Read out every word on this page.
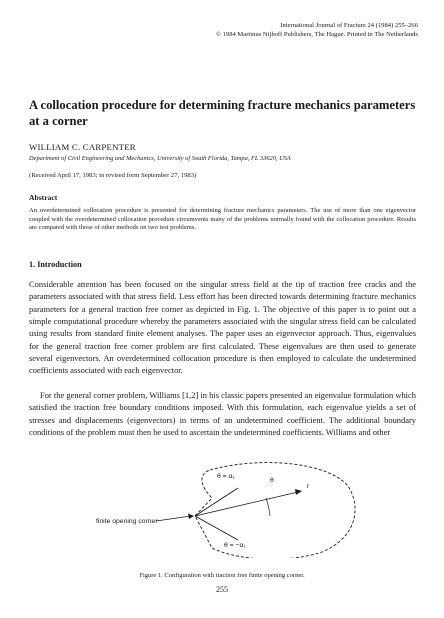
International Journal of Fracture 24 (1984) 255–266
© 1984 Martinus Nijhoff Publishers, The Hague. Printed in The Netherlands
A collocation procedure for determining fracture mechanics parameters at a corner
WILLIAM C. CARPENTER
Department of Civil Engineering and Mechanics, University of South Florida, Tampa, FL 33620, USA
(Received April 17, 1983; in revised form September 27, 1983)
Abstract
An overdetermined collocation procedure is presented for determining fracture mechanics parameters. The use of more than one eigenvector coupled with the overdetermined collocation procedure circumvents many of the problems normally found with the collocation procedure. Results are compared with those of other methods on two test problems.
1. Introduction

Considerable attention has been focused on the singular stress field at the tip of traction free cracks and the parameters associated with that stress field. Less effort has been directed towards determining fracture mechanics parameters for a general traction free corner as depicted in Fig. 1. The objective of this paper is to point out a simple computational procedure whereby the parameters associated with the singular stress field can be calculated using results from standard finite element analyses. The paper uses an eigenvector approach. Thus, eigenvalues for the general traction free corner problem are first calculated. These eigenvalues are then used to generate several eigenvectors. An overdetermined collocation procedure is then employed to calculate the undetermined coefficients associated with each eigenvector.

For the general corner problem, Williams [1,2] in his classic papers presented an eigenvalue formulation which satisfied the traction free boundary conditions imposed. With this formulation, each eigenvalue yields a set of stresses and displacements (eigenvectors) in terms of an undetermined coefficient. The additional boundary conditions of the problem must then be used to ascertain the undetermined coefficients. Williams and other

finite opening corner
θ = α₁
θ
r
θ = −α₁
Figure 1. Configuration with traction free finite opening corner.
255
